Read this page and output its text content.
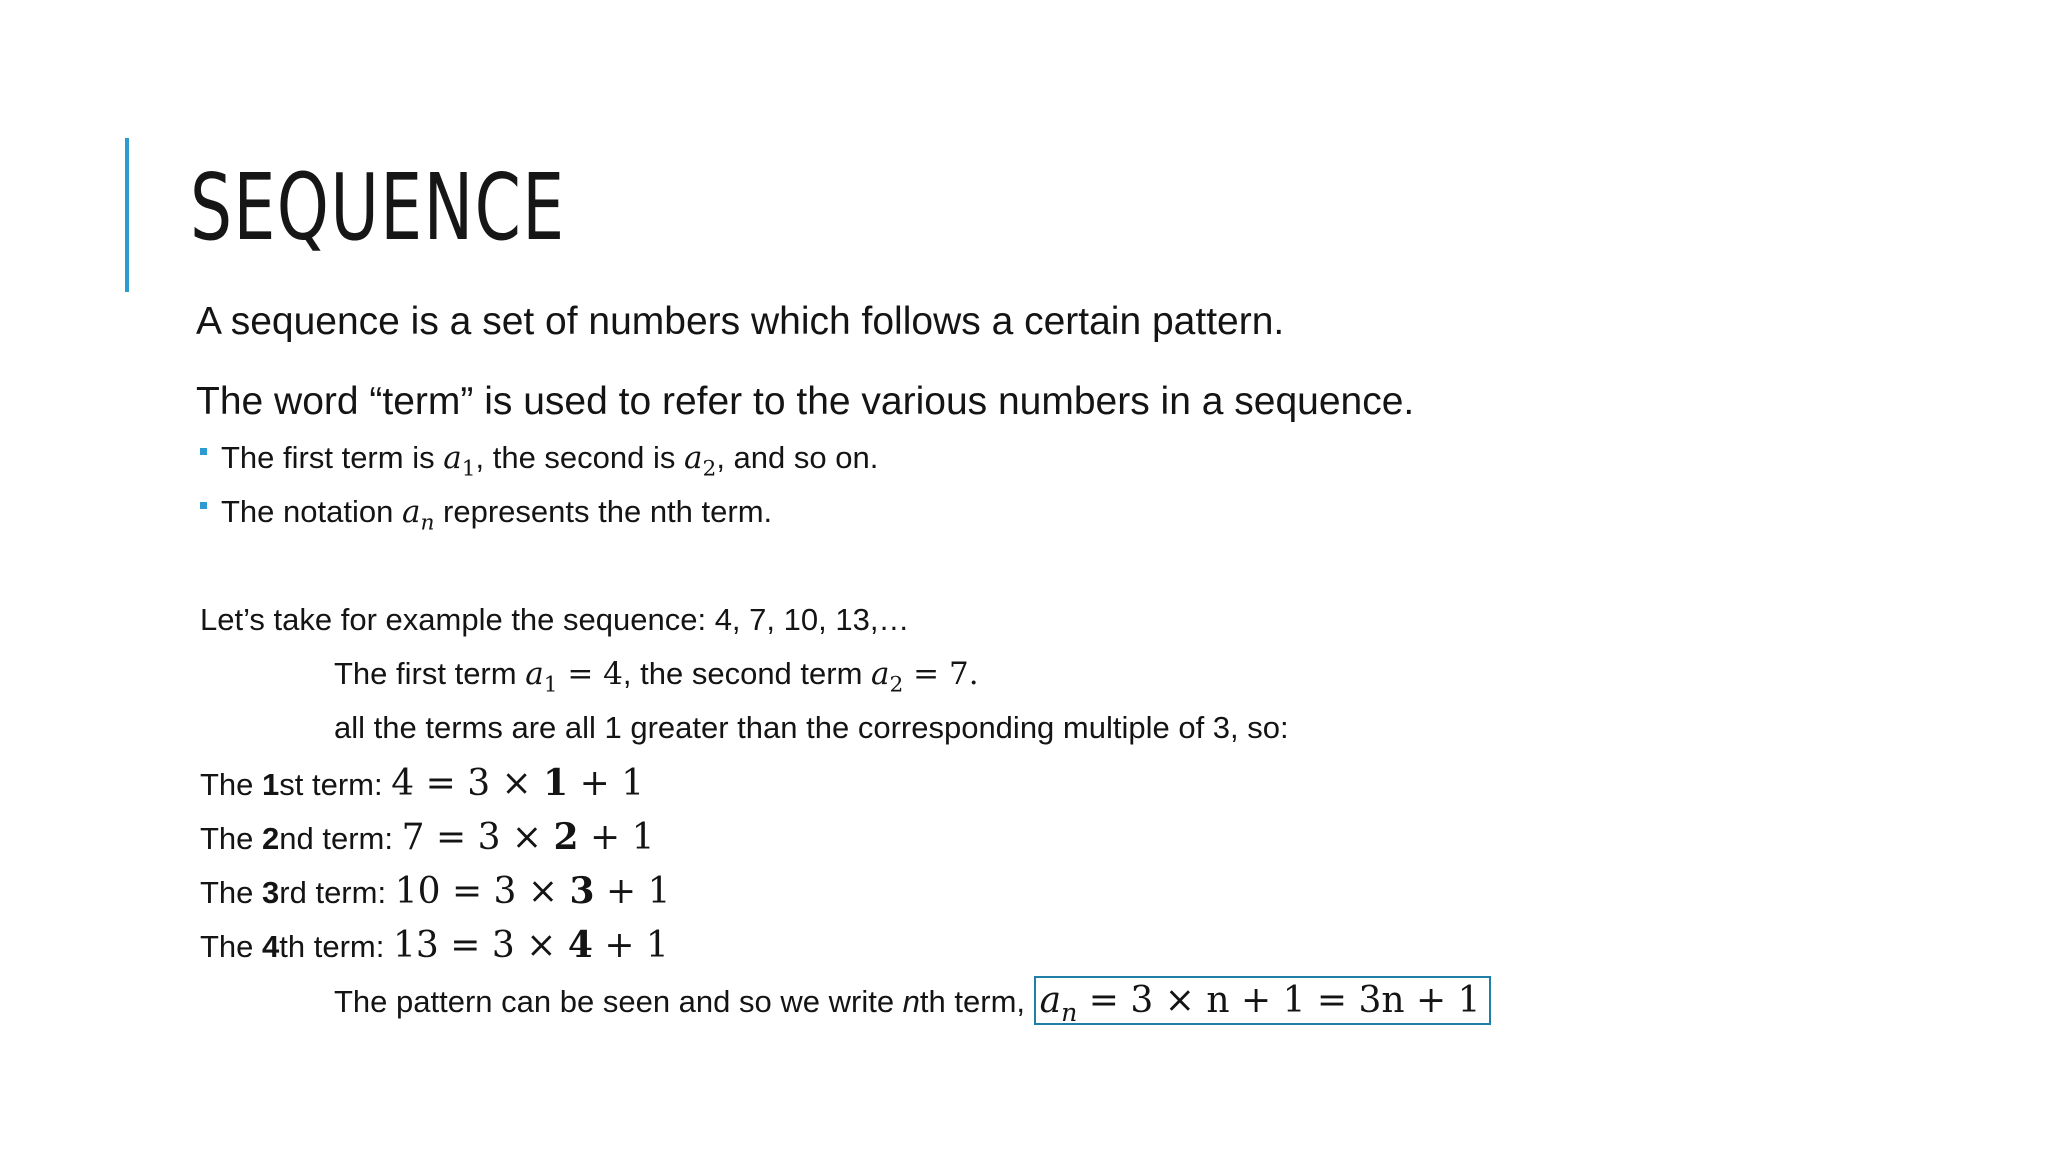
SEQUENCE

A sequence is a set of numbers which follows a certain pattern.

The word “term” is used to refer to the various numbers in a sequence.

The first term is $a_1$, the second is $a_2$, and so on.
The notation $a_n$ represents the nth term.
Let’s take for example the sequence: 4, 7, 10, 13,…
The first term $a_1 = 4$, the second term $a_2 = 7$.
all the terms are all 1 greater than the corresponding multiple of 3, so:
The 1st term: 4 = 3 × 1 + 1
The 2nd term: 7 = 3 × 2 + 1
The 3rd term: 10 = 3 × 3 + 1
The 4th term: 13 = 3 × 4 + 1
The pattern can be seen and so we write nth term, $a_n = 3 \times n + 1 = 3n + 1$
